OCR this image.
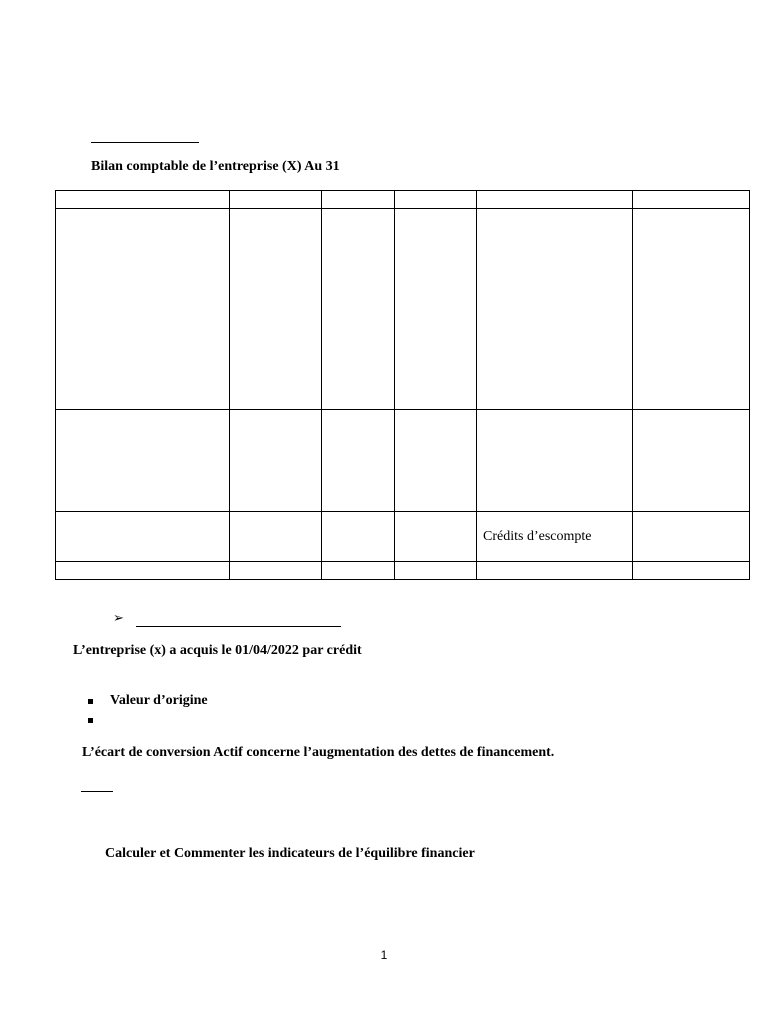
Bilan comptable de l’entreprise (X) Au 31

				Crédits d’escompte	

➢
L’entreprise (x) a acquis le 01/04/2022 par crédit
Valeur d’origine
L’écart de conversion Actif concerne l’augmentation des dettes de financement.
Calculer et Commenter les indicateurs de l’équilibre financier
1
